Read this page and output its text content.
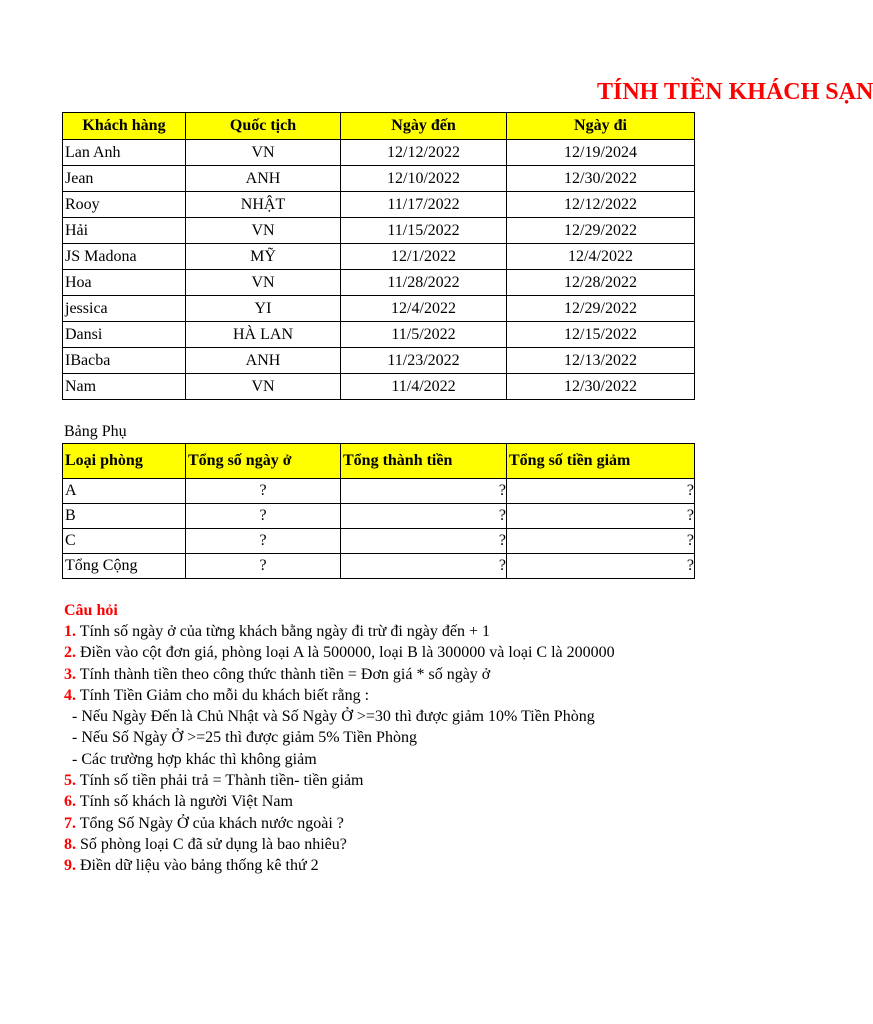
TÍNH TIỀN KHÁCH SẠN
Khách hàng	Quốc tịch	Ngày đến	Ngày đi
Lan Anh	VN	12/12/2022	12/19/2024
Jean	ANH	12/10/2022	12/30/2022
Rooy	NHẬT	11/17/2022	12/12/2022
Hải	VN	11/15/2022	12/29/2022
JS Madona	MỸ	12/1/2022	12/4/2022
Hoa	VN	11/28/2022	12/28/2022
jessica	YI	12/4/2022	12/29/2022
Dansi	HÀ LAN	11/5/2022	12/15/2022
IBacba	ANH	11/23/2022	12/13/2022
Nam	VN	11/4/2022	12/30/2022
Bảng Phụ
Loại phòng	Tổng số ngày ở	Tổng thành tiền	Tổng số tiền giảm
A	?	?	?
B	?	?	?
C	?	?	?
Tổng Cộng	?	?	?
Câu hỏi
1. Tính số ngày ở của từng khách bằng ngày đi trừ đi ngày đến + 1
2. Điền vào cột đơn giá, phòng loại A là 500000, loại B là 300000 và loại C là 200000
3. Tính thành tiền theo công thức thành tiền = Đơn giá * số ngày ở
4. Tính Tiền Giảm cho mỗi du khách biết rằng :
- Nếu Ngày Đến là Chủ Nhật và Số Ngày Ở >=30 thì được giảm 10% Tiền Phòng
- Nếu Số Ngày Ở >=25 thì được giảm 5% Tiền Phòng
- Các trường hợp khác thì không giảm
5. Tính số tiền phải trả = Thành tiền- tiền giảm
6. Tính số khách là người Việt Nam
7. Tổng Số Ngày Ở của khách nước ngoài ?
8. Số phòng loại C đã sử dụng là bao nhiêu?
9. Điền dữ liệu vào bảng thống kê thứ 2
